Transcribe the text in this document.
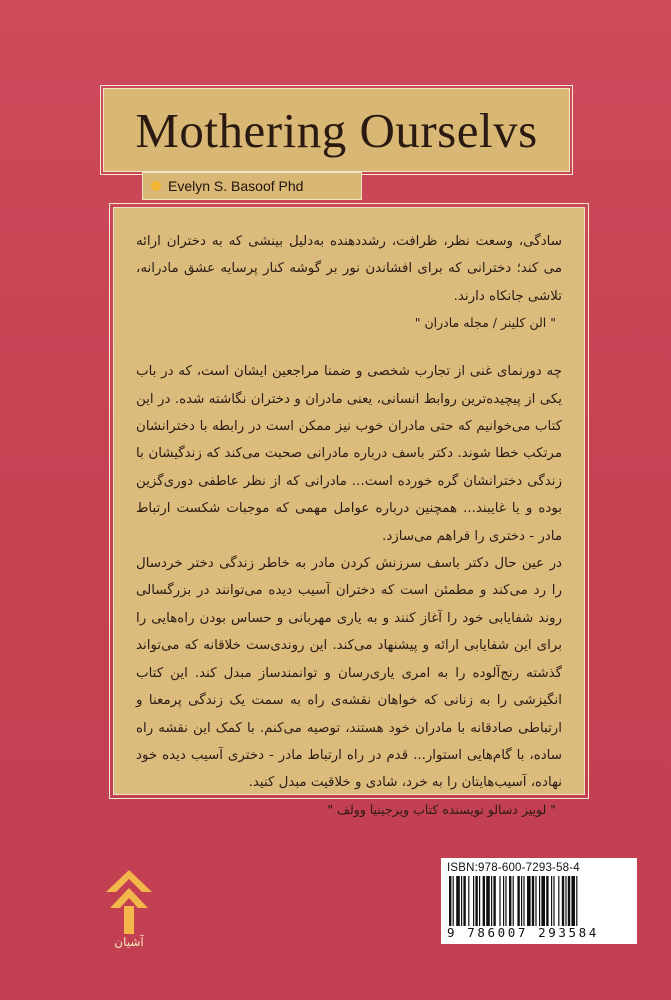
Mothering Ourselvs
Evelyn S. Basoof Phd

سادگی، وسعت نظر، ظرافت، رشددهنده به‌دلیل بینشی که به دختران ارائه می کند؛ دخترانی که برای افشاندن نور بر گوشه کنار پرسایه عشق مادرانه، تلاشی جانکاه دارند.

" الن کلینر / مجله مادران "

چه دورنمای غنی از تجارب شخصی و ضمنا مراجعین ایشان است، که در باب یکی از پیچیده‌ترین روابط انسانی، یعنی مادران و دختران نگاشته شده. در این کتاب می‌خوانیم که حتی مادران خوب نیز ممکن است در رابطه با دخترانشان مرتکب خطا شوند. دکتر باسف درباره مادرانی صحبت می‌کند که زندگیشان با زندگی دخترانشان گره خورده است... مادرانی که از نظر عاطفی دوری‌گزین بوده و یا غایبند... همچنین درباره عوامل مهمی که موجبات شکست ارتباط مادر - دختری را فراهم می‌سازد.

در عین حال دکتر باسف سرزنش کردن مادر به خاطر زندگی دختر خردسال را رد می‌کند و مطمئن است که دختران آسیب دیده می‌توانند در بزرگسالی روند شفایابی خود را آغاز کنند و به یاری مهربانی و حساس بودن راه‌هایی را برای این شفایابی ارائه و پیشنهاد می‌کند. این روندی‌ست خلاقانه که می‌تواند گذشته رنج‌آلوده را به امری یاری‌رسان و توانمندساز مبدل کند. این کتاب انگیزشی را به زنانی که خواهان نقشه‌ی راه به سمت یک زندگی پرمعنا و ارتباطی صادقانه با مادران خود هستند، توصیه می‌کنم. با کمک این نقشه راه ساده، با گام‌هایی استوار... قدم در راه ارتباط مادر - دختری آسیب دیده خود نهاده، آسیب‌هایتان را به خرد، شادی و خلاقیت مبدل کنید.

" لوییز دسالو نویسنده کتاب ویرجینیا وولف "

ISBN:978-600-7293-58-4
9 786007 293584
آشیان
